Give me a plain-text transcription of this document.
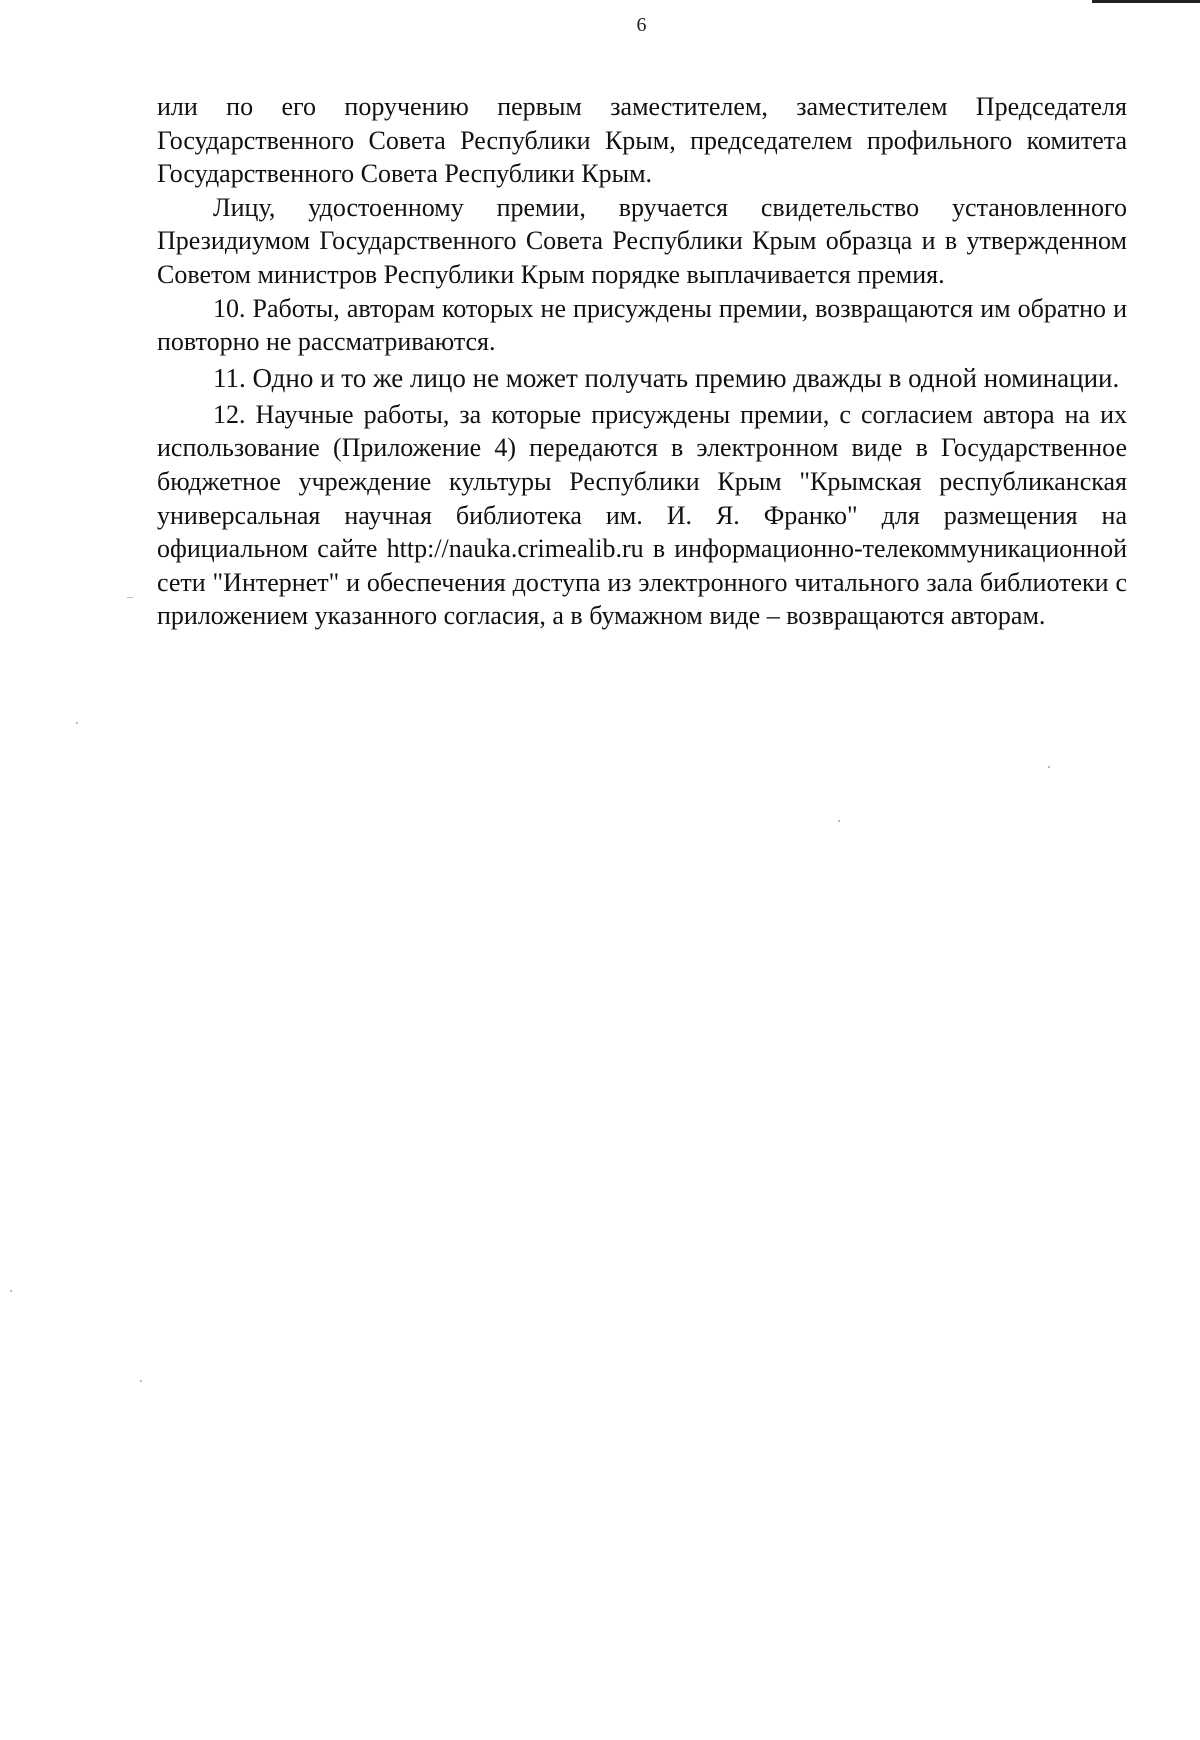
6

или по его поручению первым заместителем, заместителем Председателя Государственного Совета Республики Крым, председателем профильного комитета Государственного Совета Республики Крым.

Лицу, удостоенному премии, вручается свидетельство установленного Президиумом Государственного Совета Республики Крым образца и в утвержденном Советом министров Республики Крым порядке выплачивается премия.

10. Работы, авторам которых не присуждены премии, возвращаются им обратно и повторно не рассматриваются.

11. Одно и то же лицо не может получать премию дважды в одной номинации.

12. Научные работы, за которые присуждены премии, с согласием автора на их использование (Приложение 4) передаются в электронном виде в Государственное бюджетное учреждение культуры Республики Крым "Крымская республиканская универсальная научная библиотека им. И. Я. Франко" для размещения на официальном сайте http://nauka.crimealib.ru в информационно-телекоммуникационной сети "Интернет" и обеспечения доступа из электронного читального зала библиотеки с приложением указанного согласия, а в бумажном виде – возвращаются авторам.
